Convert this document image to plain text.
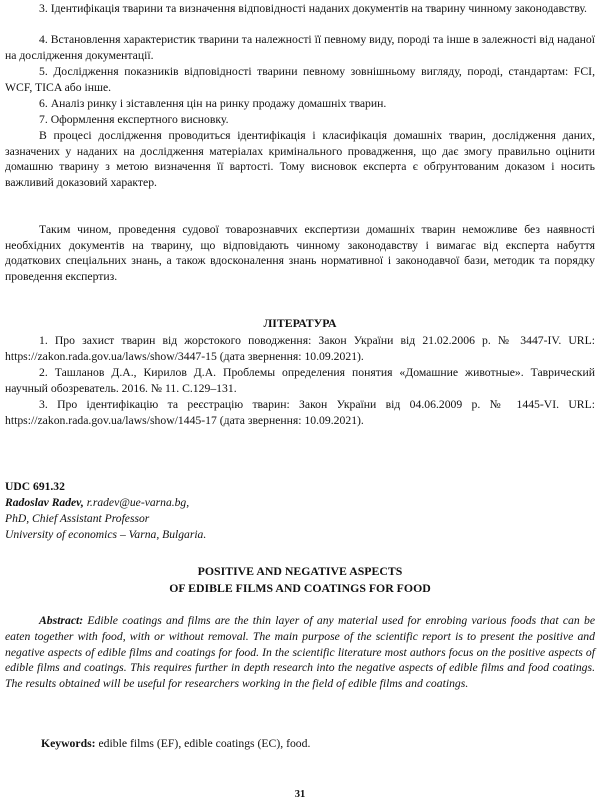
3. Ідентифікація тварини та визначення відповідності наданих документів на тварину чинному законодавству.

4. Встановлення характеристик тварини та належності її певному виду, породі та інше в залежності від наданої на дослідження документації.

5. Дослідження показників відповідності тварини певному зовнішньому вигляду, породі, стандартам: FCI, WCF, TICA або інше.

6. Аналіз ринку і зіставлення цін на ринку продажу домашніх тварин.

7. Оформлення експертного висновку.

В процесі дослідження проводиться ідентифікація і класифікація домашніх тварин, дослідження даних, зазначених у наданих на дослідження матеріалах кримінального провадження, що дає змогу правильно оцінити домашню тварину з метою визначення її вартості. Тому висновок експерта є обґрунтованим доказом і носить важливий доказовий характер.

Таким чином, проведення судової товарознавчих експертизи домашніх тварин неможливе без наявності необхідних документів на тварину, що відповідають чинному законодавству і вимагає від експерта набуття додаткових спеціальних знань, а також вдосконалення знань нормативної і законодавчої бази, методик та порядку проведення експертиз.

ЛІТЕРАТУРА

1. Про захист тварин від жорстокого поводження: Закон України від 21.02.2006 р. № 3447-IV. URL: https://zakon.rada.gov.ua/laws/show/3447-15 (дата звернення: 10.09.2021).

2. Ташланов Д.А., Кирилов Д.А. Проблемы определения понятия «Домашние животные». Таврический научный обозреватель. 2016. № 11. С.129–131.

3. Про ідентифікацію та реєстрацію тварин: Закон України від 04.06.2009 р. № 1445-VI. URL: https://zakon.rada.gov.ua/laws/show/1445-17 (дата звернення: 10.09.2021).

UDC 691.32

Radoslav Radev, r.radev@ue-varna.bg,

PhD, Chief Assistant Professor

University of economics – Varna, Bulgaria.

POSITIVE AND NEGATIVE ASPECTS

OF EDIBLE FILMS AND COATINGS FOR FOOD

Abstract: Edible coatings and films are the thin layer of any material used for enrobing various foods that can be eaten together with food, with or without removal. The main purpose of the scientific report is to present the positive and negative aspects of edible films and coatings for food. In the scientific literature most authors focus on the positive aspects of edible films and coatings. This requires further in depth research into the negative aspects of edible films and food coatings. The results obtained will be useful for researchers working in the field of edible films and coatings.

Keywords: edible films (EF), edible coatings (EC), food.

31
